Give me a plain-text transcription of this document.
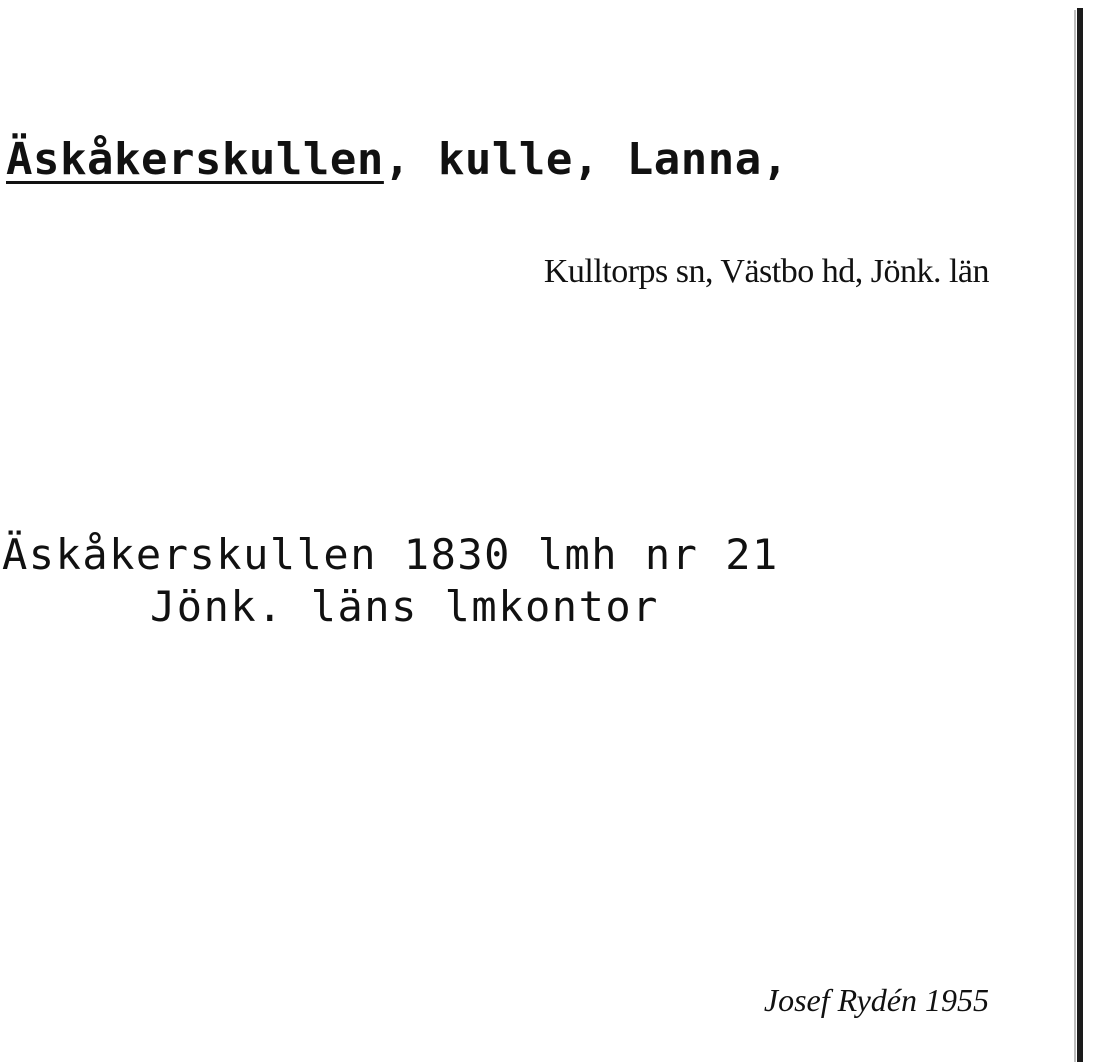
Äskåkerskullen, kulle, Lanna,
Kulltorps sn, Västbo hd, Jönk. län
Äskåkerskullen 1830 lmh nr 21
Jönk. läns lmkontor
Josef Rydén 1955
